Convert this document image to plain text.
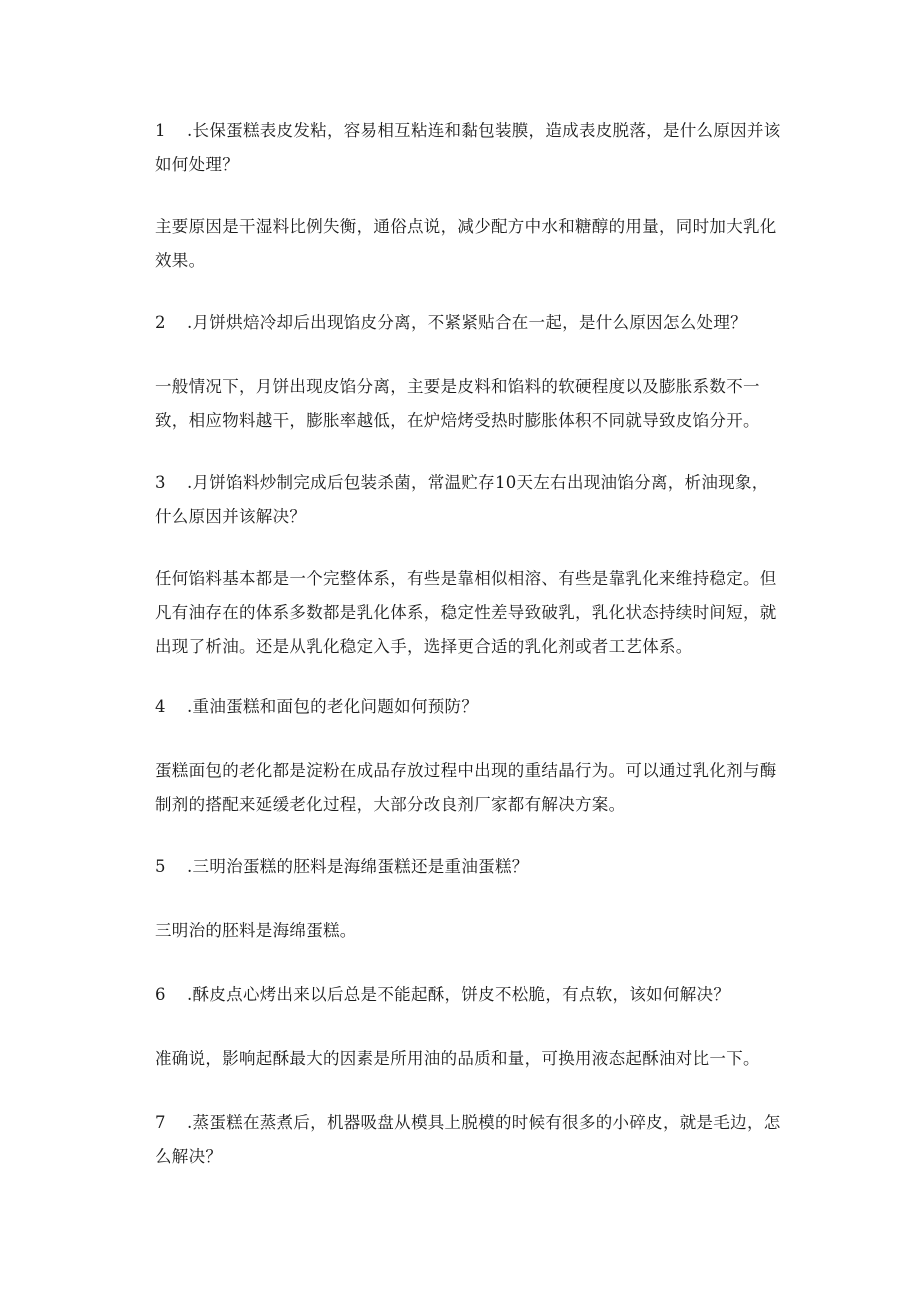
1 .长保蛋糕表皮发粘，容易相互粘连和黏包装膜，造成表皮脱落，是什么原因并该如何处理？

主要原因是干湿料比例失衡，通俗点说，减少配方中水和糖醇的用量，同时加大乳化效果。

2 .月饼烘焙冷却后出现馅皮分离，不紧紧贴合在一起，是什么原因怎么处理？

一般情况下，月饼出现皮馅分离，主要是皮料和馅料的软硬程度以及膨胀系数不一致，相应物料越干，膨胀率越低，在炉焙烤受热时膨胀体积不同就导致皮馅分开。

3 .月饼馅料炒制完成后包装杀菌，常温贮存10天左右出现油馅分离，析油现象，什么原因并该解决？

任何馅料基本都是一个完整体系，有些是靠相似相溶、有些是靠乳化来维持稳定。但凡有油存在的体系多数都是乳化体系，稳定性差导致破乳，乳化状态持续时间短，就出现了析油。还是从乳化稳定入手，选择更合适的乳化剂或者工艺体系。

4 .重油蛋糕和面包的老化问题如何预防？

蛋糕面包的老化都是淀粉在成品存放过程中出现的重结晶行为。可以通过乳化剂与酶制剂的搭配来延缓老化过程，大部分改良剂厂家都有解决方案。

5 .三明治蛋糕的胚料是海绵蛋糕还是重油蛋糕？

三明治的胚料是海绵蛋糕。

6 .酥皮点心烤出来以后总是不能起酥，饼皮不松脆，有点软，该如何解决？

准确说，影响起酥最大的因素是所用油的品质和量，可换用液态起酥油对比一下。

7 .蒸蛋糕在蒸煮后，机器吸盘从模具上脱模的时候有很多的小碎皮，就是毛边，怎么解决？
